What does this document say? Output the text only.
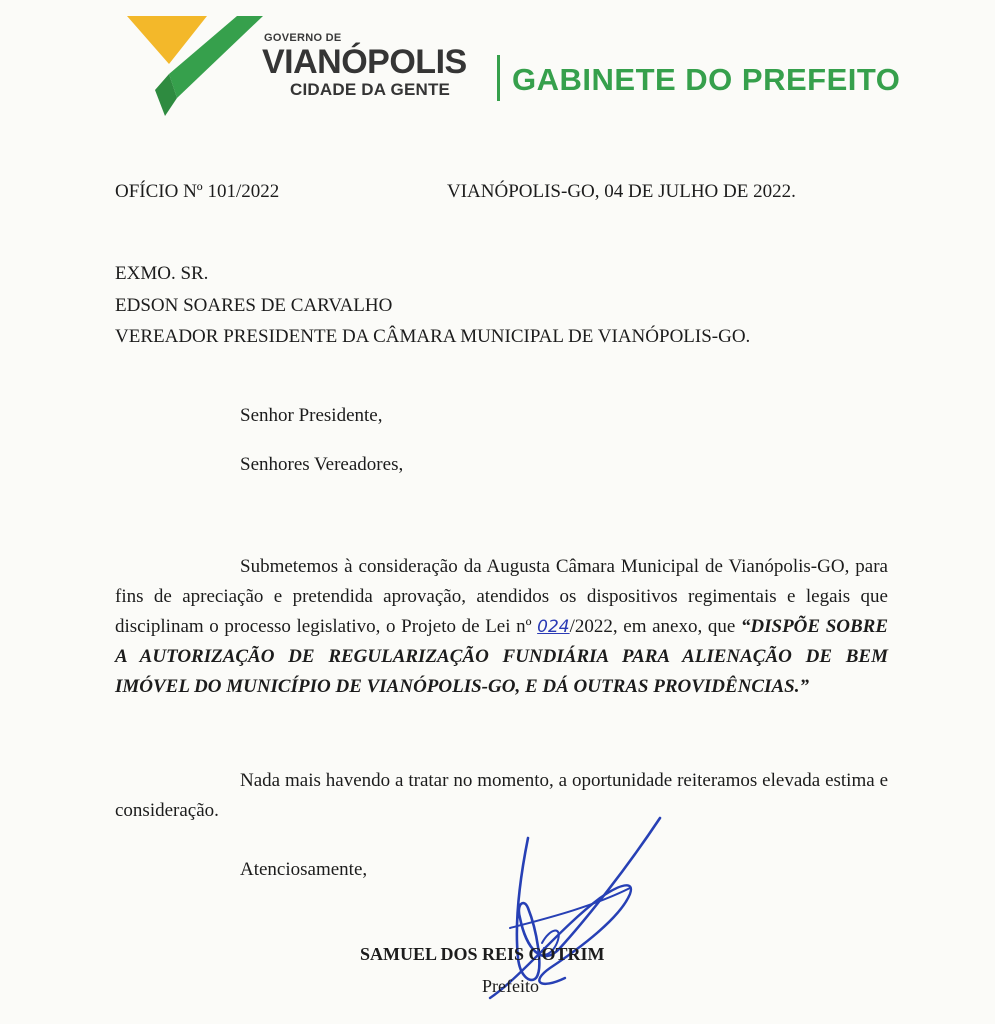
GOVERNO DE
VIANÓPOLIS
CIDADE DA GENTE GABINETE DO PREFEITO
OFÍCIO Nº 101/2022	VIANÓPOLIS-GO, 04 DE JULHO DE 2022.
EXMO. SR.
EDSON SOARES DE CARVALHO
VEREADOR PRESIDENTE DA CÂMARA MUNICIPAL DE VIANÓPOLIS-GO.
Senhor Presidente,
Senhores Vereadores,
Submetemos à consideração da Augusta Câmara Municipal de Vianópolis-GO, para fins de apreciação e pretendida aprovação, atendidos os dispositivos regimentais e legais que disciplinam o processo legislativo, o Projeto de Lei nº 024/2022, em anexo, que “DISPÕE SOBRE A AUTORIZAÇÃO DE REGULARIZAÇÃO FUNDIÁRIA PARA ALIENAÇÃO DE BEM IMÓVEL DO MUNICÍPIO DE VIANÓPOLIS-GO, E DÁ OUTRAS PROVIDÊNCIAS.”
Nada mais havendo a tratar no momento, a oportunidade reiteramos elevada estima e consideração.
Atenciosamente,
SAMUEL DOS REIS COTRIM
Prefeito
